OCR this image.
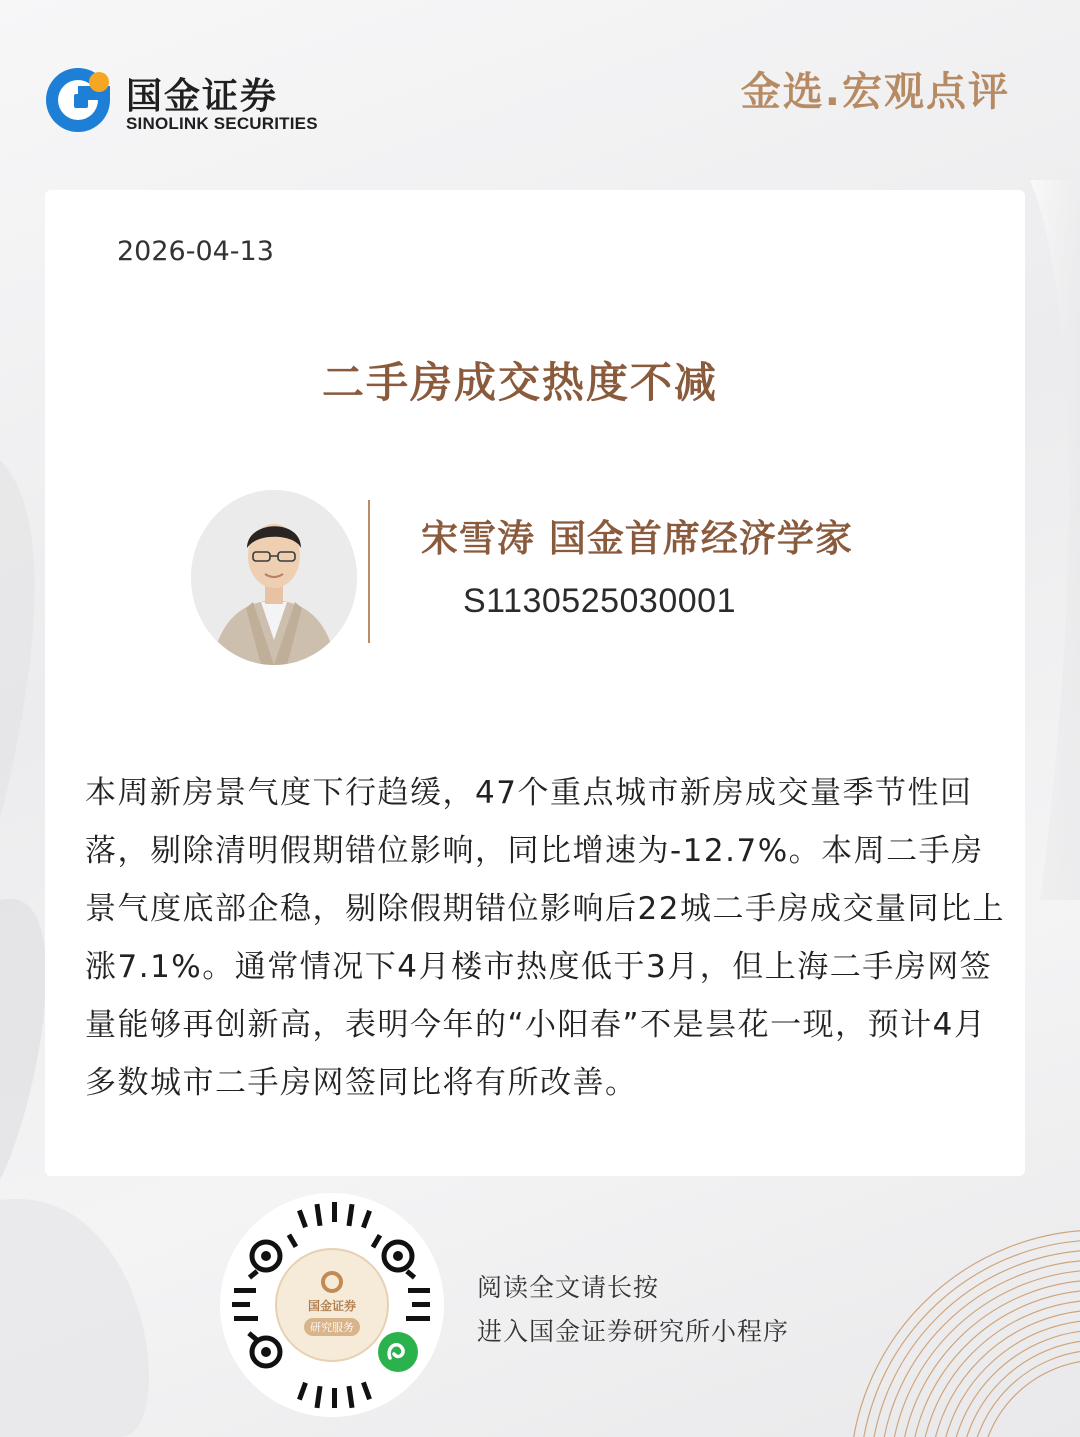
国金证券
SINOLINK SECURITIES
金选.宏观点评
2026-04-13
二手房成交热度不减
宋雪涛 国金首席经济学家
S1130525030001
本周新房景气度下行趋缓，47个重点城市新房成交量季节性回落，剔除清明假期错位影响，同比增速为-12.7%。本周二手房景气度底部企稳，剔除假期错位影响后22城二手房成交量同比上涨7.1%。通常情况下4月楼市热度低于3月，但上海二手房网签量能够再创新高，表明今年的“小阳春”不是昙花一现，预计4月多数城市二手房网签同比将有所改善。
国金证券
研究服务
阅读全文请长按
进入国金证券研究所小程序
